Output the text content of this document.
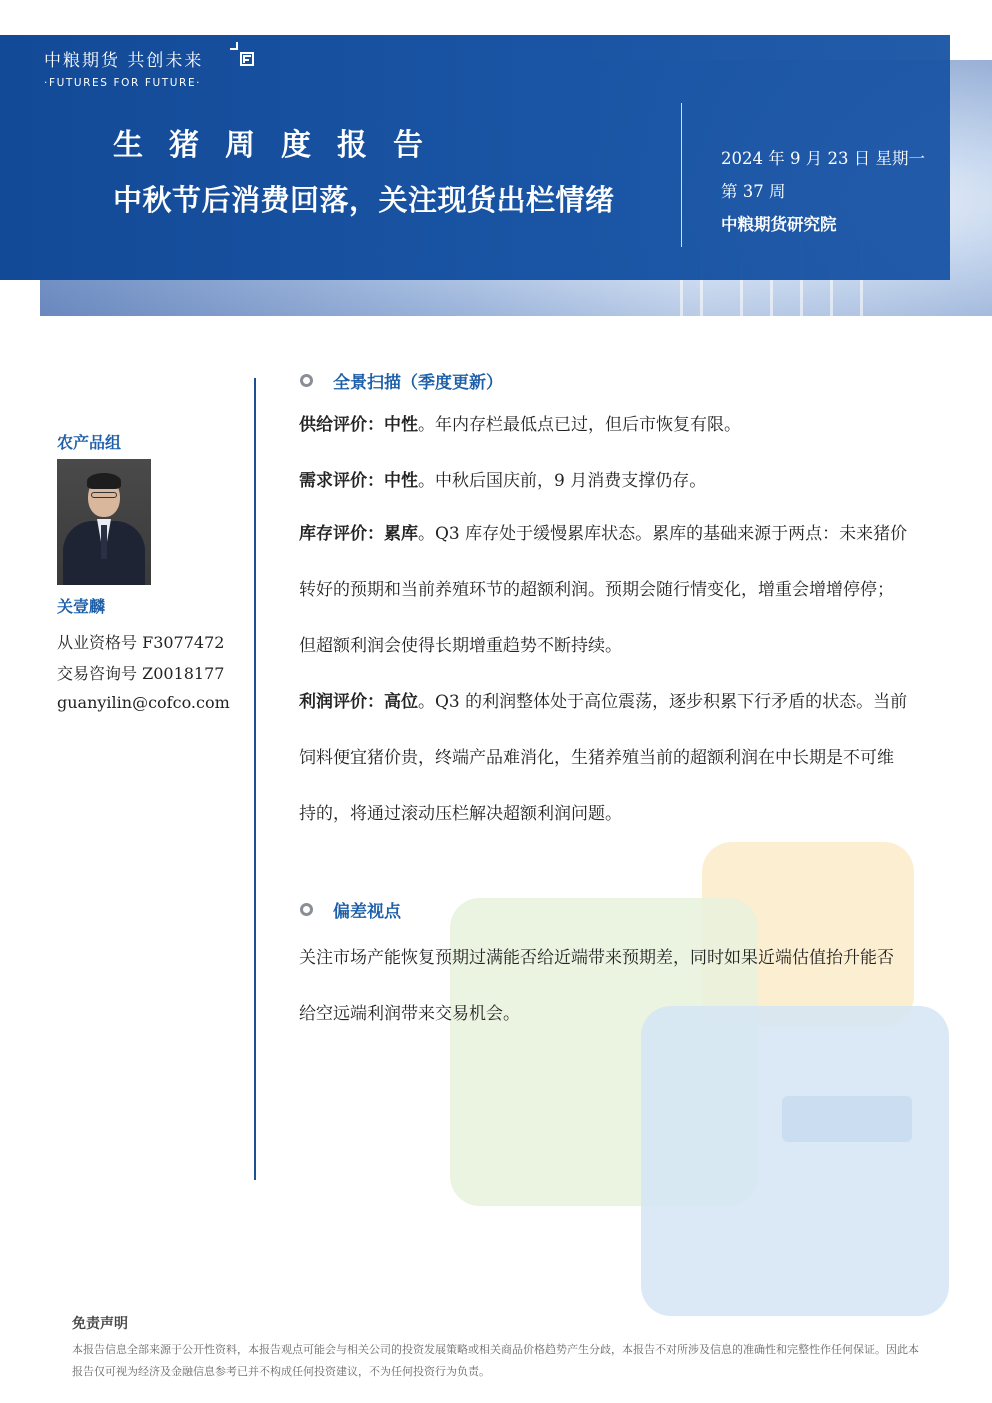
中粮期货 共创未来
·FUTURES FOR FUTURE·
生猪周度报告
中秋节后消费回落，关注现货出栏情绪
2024 年 9 月 23 日 星期一
第 37 周
中粮期货研究院
农产品组
关壹麟
从业资格号 F3077472
交易咨询号 Z0018177
guanyilin@cofco.com
全景扫描（季度更新）
供给评价：中性。年内存栏最低点已过，但后市恢复有限。
需求评价：中性。中秋后国庆前，9 月消费支撑仍存。
库存评价：累库。Q3 库存处于缓慢累库状态。累库的基础来源于两点：未来猪价转好的预期和当前养殖环节的超额利润。预期会随行情变化，增重会增增停停；但超额利润会使得长期增重趋势不断持续。
利润评价：高位。Q3 的利润整体处于高位震荡，逐步积累下行矛盾的状态。当前饲料便宜猪价贵，终端产品难消化，生猪养殖当前的超额利润在中长期是不可维持的，将通过滚动压栏解决超额利润问题。
偏差视点
关注市场产能恢复预期过满能否给近端带来预期差，同时如果近端估值抬升能否给空远端利润带来交易机会。
免责声明
本报告信息全部来源于公开性资料，本报告观点可能会与相关公司的投资发展策略或相关商品价格趋势产生分歧，本报告不对所涉及信息的准确性和完整性作任何保证。因此本报告仅可视为经济及金融信息参考已并不构成任何投资建议，不为任何投资行为负责。
